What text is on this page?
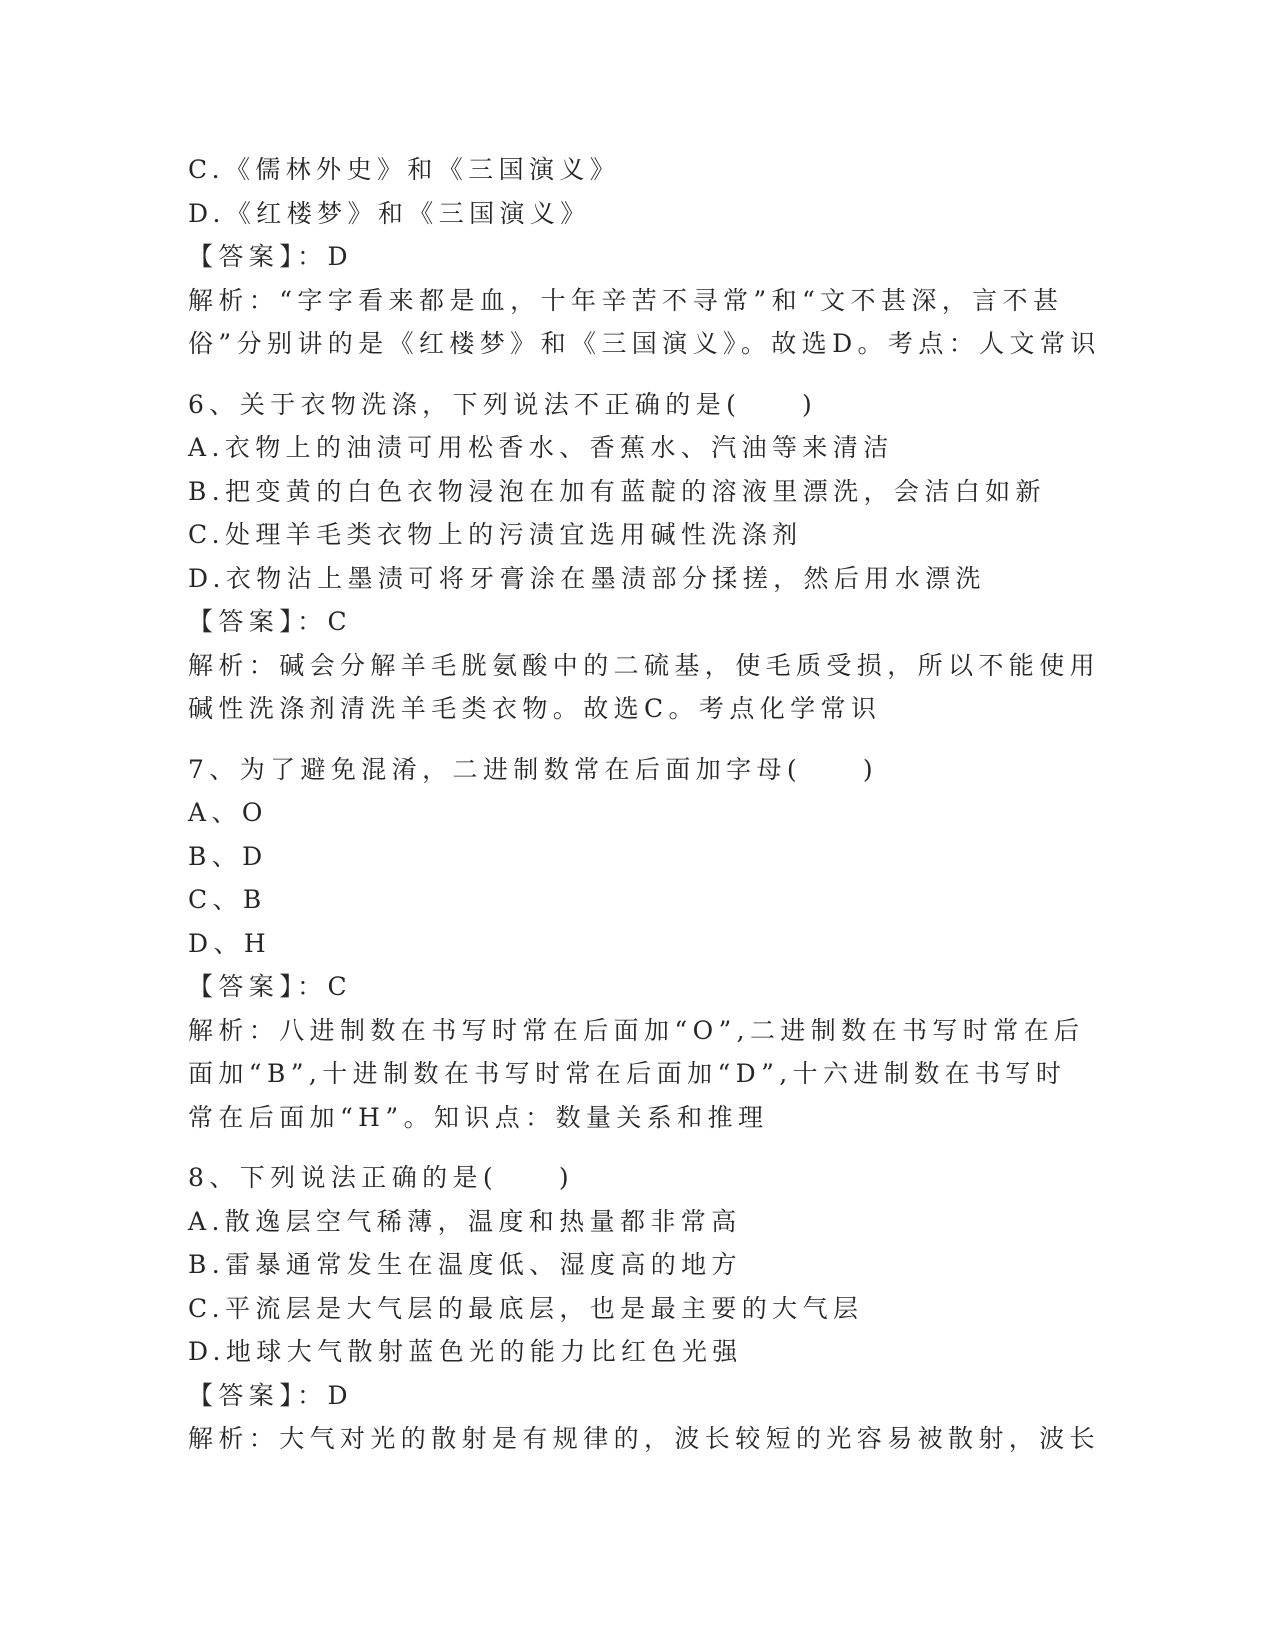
C.《儒林外史》和《三国演义》

D.《红楼梦》和《三国演义》

【答案】：D

解析：“字字看来都是血，十年辛苦不寻常”和“文不甚深，言不甚

俗”分别讲的是《红楼梦》和《三国演义》。故选D。考点：人文常识

6、关于衣物洗涤，下列说法不正确的是(　　)

A.衣物上的油渍可用松香水、香蕉水、汽油等来清洁

B.把变黄的白色衣物浸泡在加有蓝靛的溶液里漂洗，会洁白如新

C.处理羊毛类衣物上的污渍宜选用碱性洗涤剂

D.衣物沾上墨渍可将牙膏涂在墨渍部分揉搓，然后用水漂洗

【答案】：C

解析：碱会分解羊毛胱氨酸中的二硫基，使毛质受损，所以不能使用

碱性洗涤剂清洗羊毛类衣物。故选C。考点化学常识

7、为了避免混淆，二进制数常在后面加字母(　　)

A、O

B、D

C、B

D、H

【答案】：C

解析：八进制数在书写时常在后面加“O”,二进制数在书写时常在后

面加“B”,十进制数在书写时常在后面加“D”,十六进制数在书写时

常在后面加“H”。知识点：数量关系和推理

8、下列说法正确的是(　　)

A.散逸层空气稀薄，温度和热量都非常高

B.雷暴通常发生在温度低、湿度高的地方

C.平流层是大气层的最底层，也是最主要的大气层

D.地球大气散射蓝色光的能力比红色光强

【答案】：D

解析：大气对光的散射是有规律的，波长较短的光容易被散射，波长
